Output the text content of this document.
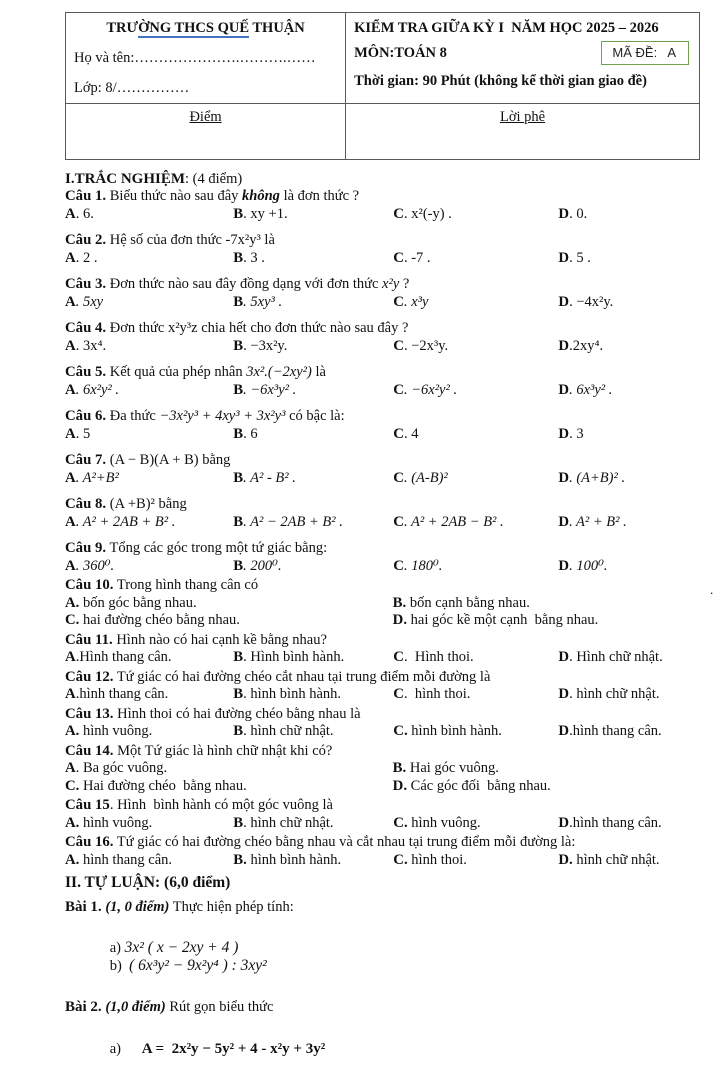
TRƯỜNG THCS QUẾ THUẬN
Họ và tên:………………….……….……
Lớp: 8/……………

KIỂM TRA GIỮA KỲ I  NĂM HỌC 2025 – 2026
MÔN:TOÁN 8	MÃ ĐỀ: A
Thời gian: 90 Phút (không kể thời gian giao đề)

Điểm	Lời phê
I.TRẮC NGHIỆM: (4 điểm)
Câu 1. Biểu thức nào sau đây không là đơn thức ?
A. 6.	B. xy +1.	C. x²(-y) .	D. 0.
Câu 2. Hệ số của đơn thức -7x²y³ là
A. 2 .	B. 3 .	C. -7 .	D. 5 .
Câu 3. Đơn thức nào sau đây đồng dạng với đơn thức x²y ?
A. 5xy	B. 5xy³ .	C. x³y	D. −4x²y.
Câu 4. Đơn thức x²y³z chia hết cho đơn thức nào sau đây ?
A. 3x⁴.	B. −3x²y.	C. −2x³y.	D.2xy⁴.
Câu 5. Kết quả của phép nhân 3x².(−2xy²) là
A. 6x²y² .	B. −6x³y² .	C. −6x²y² .	D. 6x³y² .
Câu 6. Đa thức −3x²y³ + 4xy³ + 3x²y³ có bậc là:
A. 5	B. 6	C. 4	D. 3
Câu 7. (A − B)(A + B) bằng
A. A²+B²	B. A² - B² .	C. (A-B)²	D. (A+B)² .
Câu 8. (A +B)² bằng
A. A² + 2AB + B² .	B. A² − 2AB + B² .	C. A² + 2AB − B² .	D. A² + B² .
Câu 9. Tổng các góc trong một tứ giác bằng:
A. 360⁰.	B. 200⁰.	C. 180⁰.	D. 100⁰.
Câu 10. Trong hình thang cân có
A. bốn góc bằng nhau.	B. bốn cạnh bằng nhau.
C. hai đường chéo bằng nhau.	D. hai góc kề một cạnh  bằng nhau.
Câu 11. Hình nào có hai cạnh kề bằng nhau?
A.Hình thang cân.	B. Hình bình hành.	C.  Hình thoi.	D. Hình chữ nhật.
Câu 12. Tứ giác có hai đường chéo cắt nhau tại trung điểm mỗi đường là
A.hình thang cân.	B. hình bình hành.	C.  hình thoi.	D. hình chữ nhật.
Câu 13. Hình thoi có hai đường chéo bằng nhau là
A. hình vuông.	B. hình chữ nhật.	C. hình bình hành.	D.hình thang cân.
Câu 14. Một Tứ giác là hình chữ nhật khi có?
A. Ba góc vuông.	B. Hai góc vuông.
C. Hai đường chéo  bằng nhau.	D. Các góc đối  bằng nhau.
Câu 15. Hình  bình hành có một góc vuông là
A. hình vuông.	B. hình chữ nhật.	C. hình vuông.	D.hình thang cân.
Câu 16. Tứ giác có hai đường chéo bằng nhau và cắt nhau tại trung điểm mỗi đường là:
A. hình thang cân.	B. hình bình hành.	C. hình thoi.	D. hình chữ nhật.
II. TỰ LUẬN: (6,0 điểm)
Bài 1. (1, 0 điểm) Thực hiện phép tính:

a) 3x² ( x − 2xy + 4 )
b)  ( 6x³y² − 9x²y⁴ ) : 3xy²

Bài 2. (1,0 điểm) Rút gọn biểu thức

a) A =  2x²y − 5y² + 4 - x²y + 3y²

.
